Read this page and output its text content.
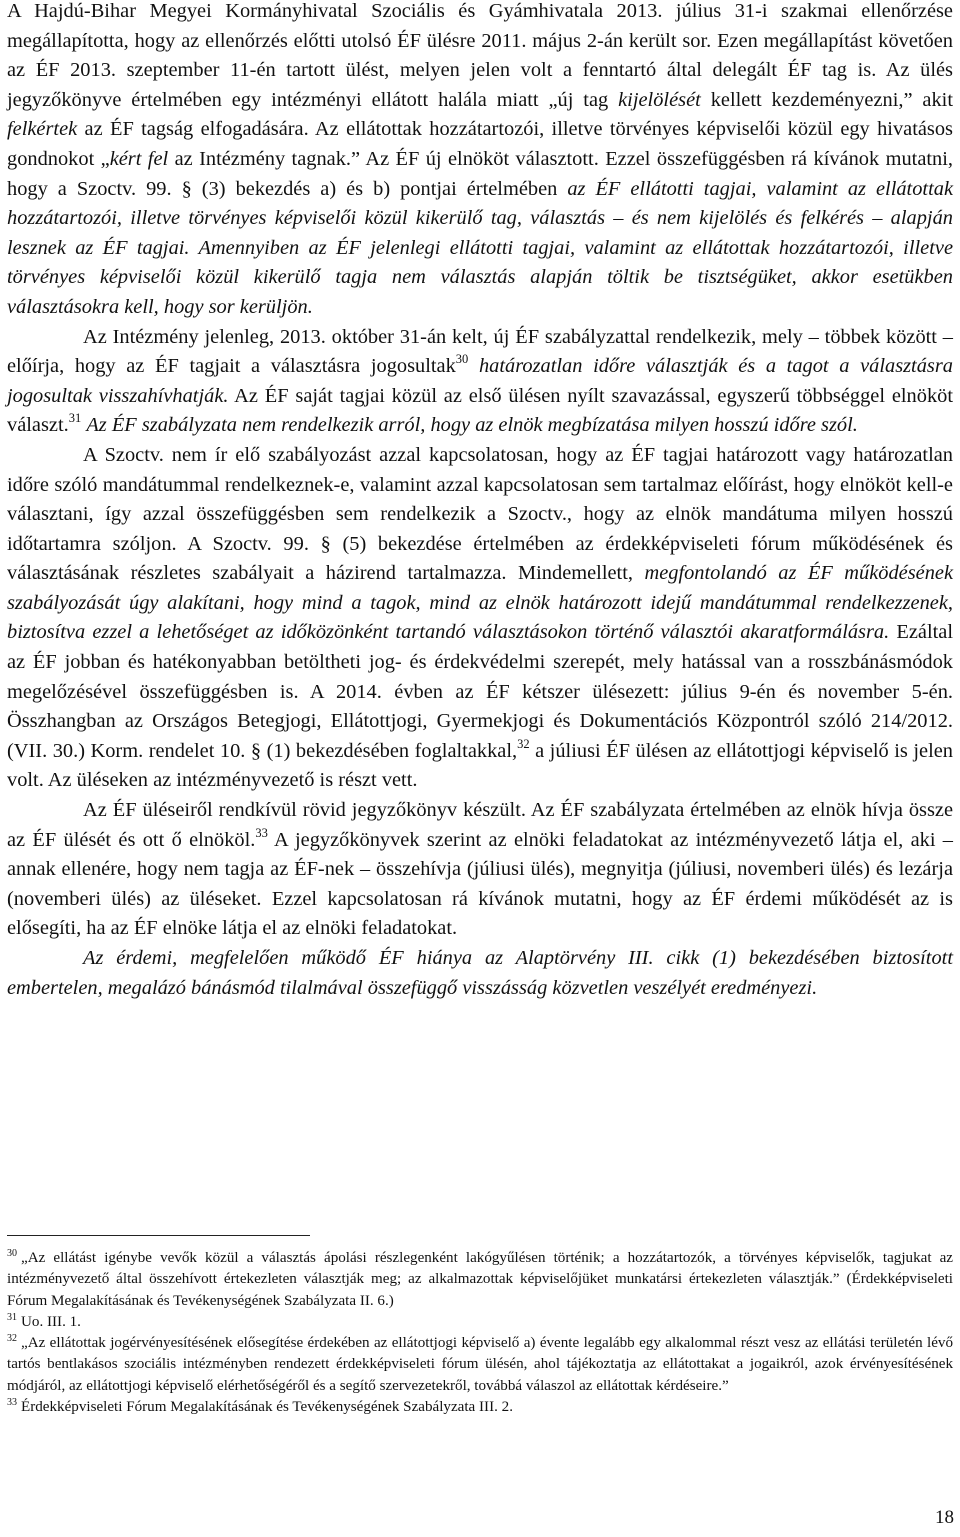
A Hajdú-Bihar Megyei Kormányhivatal Szociális és Gyámhivatala 2013. július 31-i szakmai ellenőrzése megállapította, hogy az ellenőrzés előtti utolsó ÉF ülésre 2011. május 2-án került sor. Ezen megállapítást követően az ÉF 2013. szeptember 11-én tartott ülést, melyen jelen volt a fenntartó által delegált ÉF tag is. Az ülés jegyzőkönyve értelmében egy intézményi ellátott halála miatt „új tag kijelölését kellett kezdeményezni,” akit felkértek az ÉF tagság elfogadására. Az ellátottak hozzátartozói, illetve törvényes képviselői közül egy hivatásos gondnokot „kért fel az Intézmény tagnak.” Az ÉF új elnököt választott. Ezzel összefüggésben rá kívánok mutatni, hogy a Szoctv. 99. § (3) bekezdés a) és b) pontjai értelmében az ÉF ellátotti tagjai, valamint az ellátottak hozzátartozói, illetve törvényes képviselői közül kikerülő tag, választás – és nem kijelölés és felkérés – alapján lesznek az ÉF tagjai. Amennyiben az ÉF jelenlegi ellátotti tagjai, valamint az ellátottak hozzátartozói, illetve törvényes képviselői közül kikerülő tagja nem választás alapján töltik be tisztségüket, akkor esetükben választásokra kell, hogy sor kerüljön.

Az Intézmény jelenleg, 2013. október 31-án kelt, új ÉF szabályzattal rendelkezik, mely – többek között – előírja, hogy az ÉF tagjait a választásra jogosultak$^{30}$ határozatlan időre választják és a tagot a választásra jogosultak visszahívhatják. Az ÉF saját tagjai közül az első ülésen nyílt szavazással, egyszerű többséggel elnököt választ.$^{31}$ Az ÉF szabályzata nem rendelkezik arról, hogy az elnök megbízatása milyen hosszú időre szól.

A Szoctv. nem ír elő szabályozást azzal kapcsolatosan, hogy az ÉF tagjai határozott vagy határozatlan időre szóló mandátummal rendelkeznek-e, valamint azzal kapcsolatosan sem tartalmaz előírást, hogy elnököt kell-e választani, így azzal összefüggésben sem rendelkezik a Szoctv., hogy az elnök mandátuma milyen hosszú időtartamra szóljon. A Szoctv. 99. § (5) bekezdése értelmében az érdekképviseleti fórum működésének és választásának részletes szabályait a házirend tartalmazza. Mindemellett, megfontolandó az ÉF működésének szabályozását úgy alakítani, hogy mind a tagok, mind az elnök határozott idejű mandátummal rendelkezzenek, biztosítva ezzel a lehetőséget az időközönként tartandó választásokon történő választói akaratformálásra. Ezáltal az ÉF jobban és hatékonyabban betöltheti jog- és érdekvédelmi szerepét, mely hatással van a rosszbánásmódok megelőzésével összefüggésben is. A 2014. évben az ÉF kétszer ülésezett: július 9-én és november 5-én. Összhangban az Országos Betegjogi, Ellátottjogi, Gyermekjogi és Dokumentációs Központról szóló 214/2012. (VII. 30.) Korm. rendelet 10. § (1) bekezdésében foglaltakkal,$^{32}$ a júliusi ÉF ülésen az ellátottjogi képviselő is jelen volt. Az üléseken az intézményvezető is részt vett.

Az ÉF üléseiről rendkívül rövid jegyzőkönyv készült. Az ÉF szabályzata értelmében az elnök hívja össze az ÉF ülését és ott ő elnököl.$^{33}$ A jegyzőkönyvek szerint az elnöki feladatokat az intézményvezető látja el, aki – annak ellenére, hogy nem tagja az ÉF-nek – összehívja (júliusi ülés), megnyitja (júliusi, novemberi ülés) és lezárja (novemberi ülés) az üléseket. Ezzel kapcsolatosan rá kívánok mutatni, hogy az ÉF érdemi működését az is elősegíti, ha az ÉF elnöke látja el az elnöki feladatokat.

Az érdemi, megfelelően működő ÉF hiánya az Alaptörvény III. cikk (1) bekezdésében biztosított embertelen, megalázó bánásmód tilalmával összefüggő visszásság közvetlen veszélyét eredményezi.

$^{30}$ „Az ellátást igénybe vevők közül a választás ápolási részlegenként lakógyűlésen történik; a hozzátartozók, a törvényes képviselők, tagjukat az intézményvezető által összehívott értekezleten választják meg; az alkalmazottak képviselőjüket munkatársi értekezleten választják.” (Érdekképviseleti Fórum Megalakításának és Tevékenységének Szabályzata II. 6.)

$^{31}$ Uo. III. 1.

$^{32}$ „Az ellátottak jogérvényesítésének elősegítése érdekében az ellátottjogi képviselő a) évente legalább egy alkalommal részt vesz az ellátási területén lévő tartós bentlakásos szociális intézményben rendezett érdekképviseleti fórum ülésén, ahol tájékoztatja az ellátottakat a jogaikról, azok érvényesítésének módjáról, az ellátottjogi képviselő elérhetőségéről és a segítő szervezetekről, továbbá válaszol az ellátottak kérdéseire.”

$^{33}$ Érdekképviseleti Fórum Megalakításának és Tevékenységének Szabályzata III. 2.

18
